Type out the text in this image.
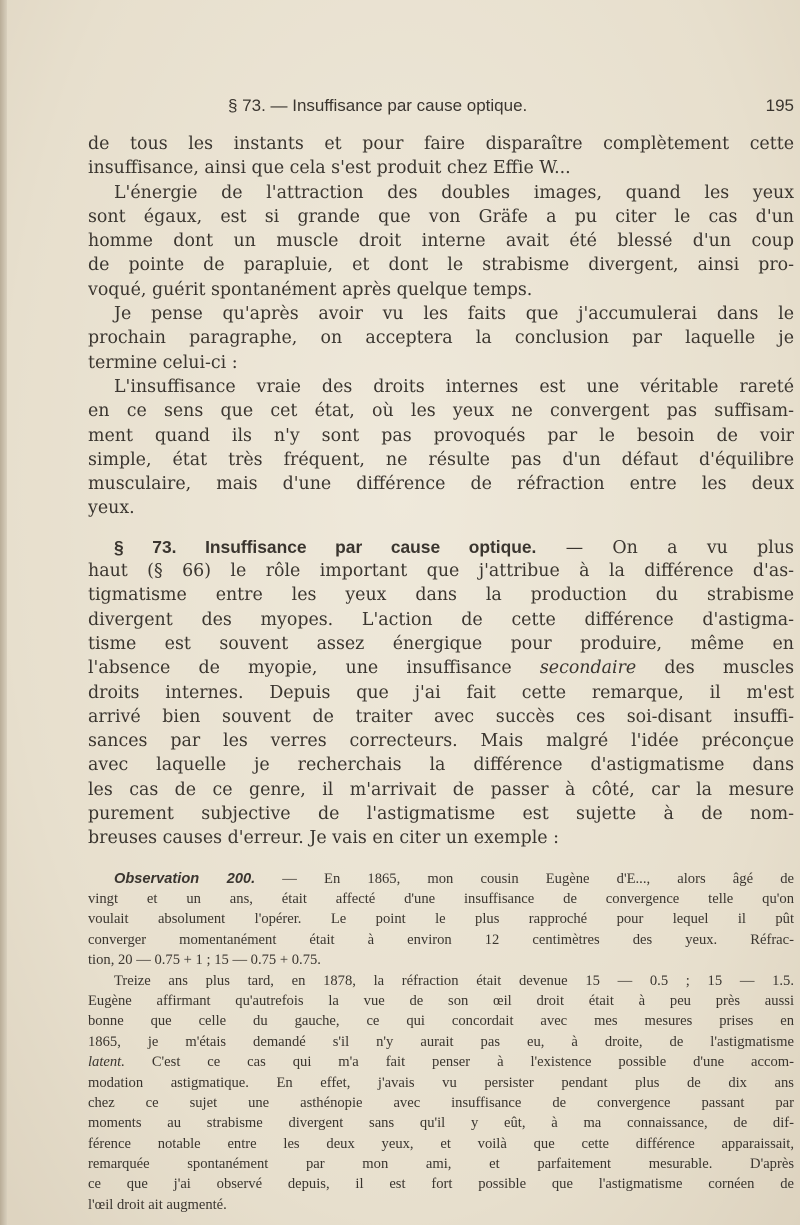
§ 73. — Insuffisance par cause optique.	195
de tous les instants et pour faire disparaître complètement cette
insuffisance, ainsi que cela s'est produit chez Effie W...
L'énergie de l'attraction des doubles images, quand les yeux
sont égaux, est si grande que von Gräfe a pu citer le cas d'un
homme dont un muscle droit interne avait été blessé d'un coup
de pointe de parapluie, et dont le strabisme divergent, ainsi pro-
voqué, guérit spontanément après quelque temps.
Je pense qu'après avoir vu les faits que j'accumulerai dans le
prochain paragraphe, on acceptera la conclusion par laquelle je
termine celui-ci :
L'insuffisance vraie des droits internes est une véritable rareté
en ce sens que cet état, où les yeux ne convergent pas suffisam-
ment quand ils n'y sont pas provoqués par le besoin de voir
simple, état très fréquent, ne résulte pas d'un défaut d'équilibre
musculaire, mais d'une différence de réfraction entre les deux
yeux.
§ 73. Insuffisance par cause optique. — On a vu plus
haut (§ 66) le rôle important que j'attribue à la différence d'as-
tigmatisme entre les yeux dans la production du strabisme
divergent des myopes. L'action de cette différence d'astigma-
tisme est souvent assez énergique pour produire, même en
l'absence de myopie, une insuffisance secondaire des muscles
droits internes. Depuis que j'ai fait cette remarque, il m'est
arrivé bien souvent de traiter avec succès ces soi-disant insuffi-
sances par les verres correcteurs. Mais malgré l'idée préconçue
avec laquelle je recherchais la différence d'astigmatisme dans
les cas de ce genre, il m'arrivait de passer à côté, car la mesure
purement subjective de l'astigmatisme est sujette à de nom-
breuses causes d'erreur. Je vais en citer un exemple :
Observation 200. — En 1865, mon cousin Eugène d'E..., alors âgé de
vingt et un ans, était affecté d'une insuffisance de convergence telle qu'on
voulait absolument l'opérer. Le point le plus rapproché pour lequel il pût
converger momentanément était à environ 12 centimètres des yeux. Réfrac-
tion, 20 — 0.75 + 1 ; 15 — 0.75 + 0.75.
Treize ans plus tard, en 1878, la réfraction était devenue 15 — 0.5 ; 15 — 1.5.
Eugène affirmant qu'autrefois la vue de son œil droit était à peu près aussi
bonne que celle du gauche, ce qui concordait avec mes mesures prises en
1865, je m'étais demandé s'il n'y aurait pas eu, à droite, de l'astigmatisme
latent. C'est ce cas qui m'a fait penser à l'existence possible d'une accom-
modation astigmatique. En effet, j'avais vu persister pendant plus de dix ans
chez ce sujet une asthénopie avec insuffisance de convergence passant par
moments au strabisme divergent sans qu'il y eût, à ma connaissance, de dif-
férence notable entre les deux yeux, et voilà que cette différence apparaissait,
remarquée spontanément par mon ami, et parfaitement mesurable. D'après
ce que j'ai observé depuis, il est fort possible que l'astigmatisme cornéen de
l'œil droit ait augmenté.
